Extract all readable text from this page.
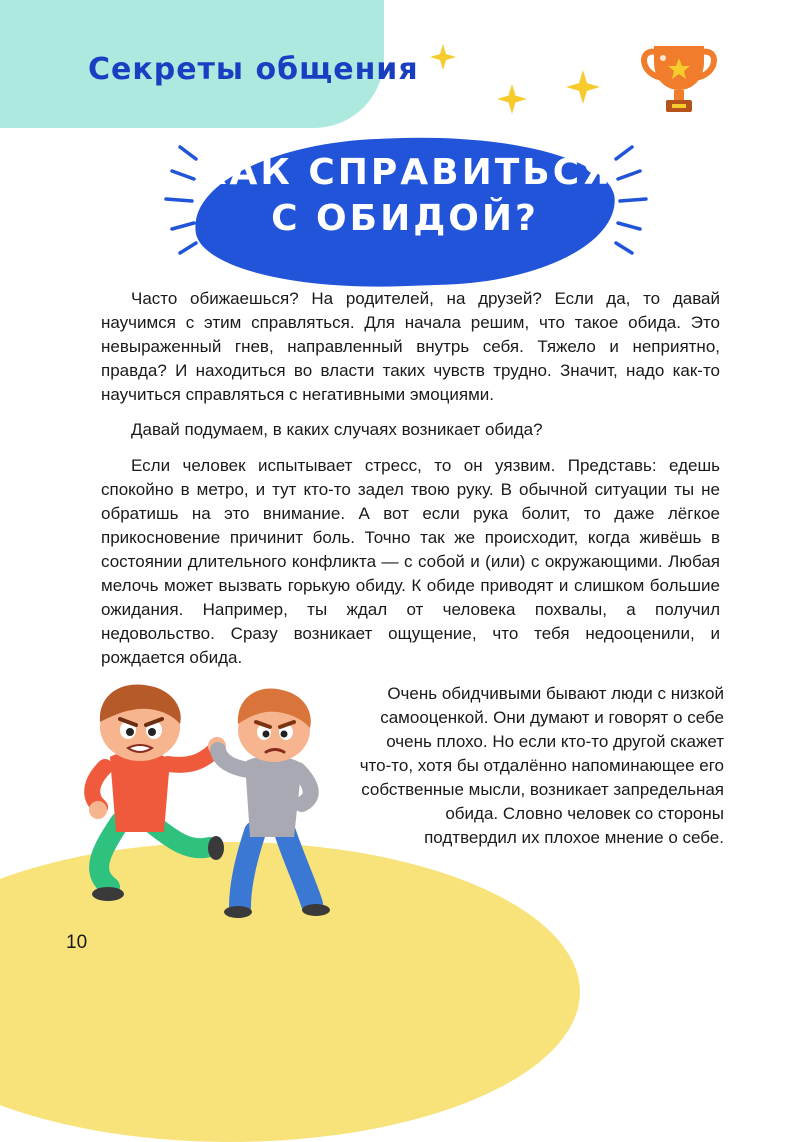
Секреты общения
КАК СПРАВИТЬСЯ
С ОБИДОЙ?

Часто обижаешься? На родителей, на друзей? Если да, то давай научимся с этим справляться. Для начала решим, что такое обида. Это невыраженный гнев, направленный внутрь себя. Тяжело и неприятно, правда? И находиться во власти таких чувств трудно. Значит, надо как-то научиться справляться с негативными эмоциями.

Давай подумаем, в каких случаях возникает обида?

Если человек испытывает стресс, то он уязвим. Представь: едешь спокойно в метро, и тут кто-то задел твою руку. В обычной ситуации ты не обратишь на это внимание. А вот если рука болит, то даже лёгкое прикосновение причинит боль. Точно так же происходит, когда живёшь в состоянии длительного конфликта — с собой и (или) с окружающими. Любая мелочь может вызвать горькую обиду. К обиде приводят и слишком большие ожидания. Например, ты ждал от человека похвалы, а получил недовольство. Сразу возникает ощущение, что тебя недооценили, и рождается обида.

Очень обидчивыми бывают люди с низкой самооценкой. Они думают и говорят о себе очень плохо. Но если кто-то другой скажет что-то, хотя бы отдалённо напоминающее его собственные мысли, возникает запредельная обида. Словно человек со стороны подтвердил их плохое мнение о себе.

10
